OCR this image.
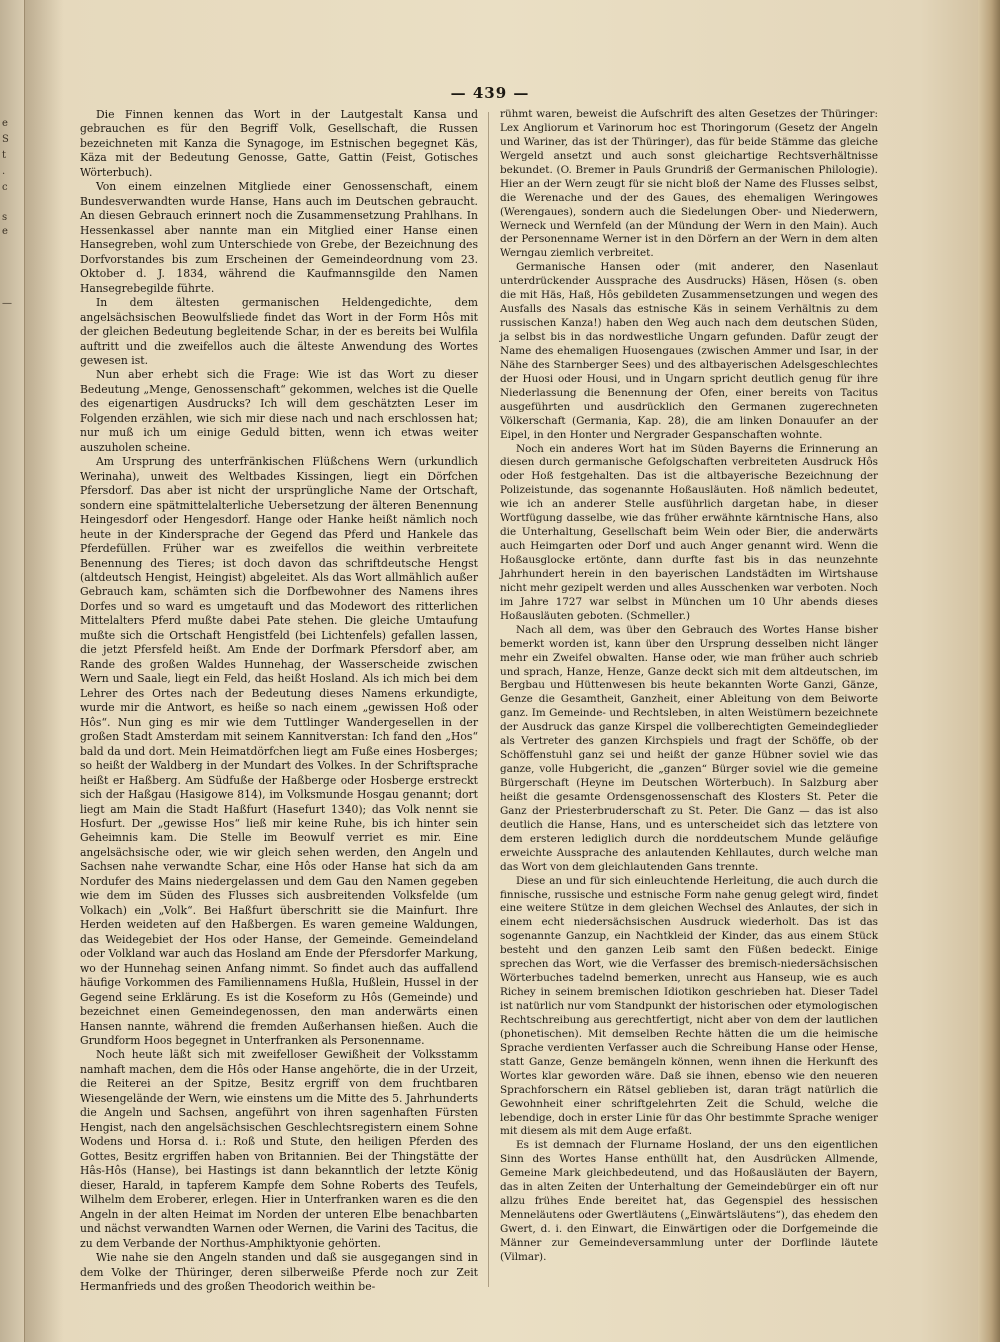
e
S
t
.
c
s
e
—
— 439 —

Die Finnen kennen das Wort in der Lautgestalt Kansa und gebrauchen es für den Begriff Volk, Gesellschaft, die Russen bezeichneten mit Kanza die Synagoge, im Estnischen begegnet Käs, Käza mit der Bedeutung Genosse, Gatte, Gattin (Feist, Gotisches Wörterbuch).

Von einem einzelnen Mitgliede einer Genossenschaft, einem Bundesverwandten wurde Hanse, Hans auch im Deutschen gebraucht. An diesen Gebrauch erinnert noch die Zusammensetzung Prahlhans. In Hessenkassel aber nannte man ein Mitglied einer Hanse einen Hansegreben, wohl zum Unterschiede von Grebe, der Bezeichnung des Dorfvorstandes bis zum Erscheinen der Gemeindeordnung vom 23. Oktober d. J. 1834, während die Kaufmannsgilde den Namen Hansegrebegilde führte.

In dem ältesten germanischen Heldengedichte, dem angelsächsischen Beowulfsliede findet das Wort in der Form Hôs mit der gleichen Bedeutung begleitende Schar, in der es bereits bei Wulfila auftritt und die zweifellos auch die älteste Anwendung des Wortes gewesen ist.

Nun aber erhebt sich die Frage: Wie ist das Wort zu dieser Bedeutung „Menge, Genossenschaft“ gekommen, welches ist die Quelle des eigenartigen Ausdrucks? Ich will dem geschätzten Leser im Folgenden erzählen, wie sich mir diese nach und nach erschlossen hat; nur muß ich um einige Geduld bitten, wenn ich etwas weiter auszuholen scheine.

Am Ursprung des unterfränkischen Flüßchens Wern (urkundlich Werinaha), unweit des Weltbades Kissingen, liegt ein Dörfchen Pfersdorf. Das aber ist nicht der ursprüngliche Name der Ortschaft, sondern eine spätmittelalterliche Uebersetzung der älteren Benennung Heingesdorf oder Hengesdorf. Hange oder Hanke heißt nämlich noch heute in der Kindersprache der Gegend das Pferd und Hankele das Pferdefüllen. Früher war es zweifellos die weithin verbreitete Benennung des Tieres; ist doch davon das schriftdeutsche Hengst (altdeutsch Hengist, Heingist) abgeleitet. Als das Wort allmählich außer Gebrauch kam, schämten sich die Dorfbewohner des Namens ihres Dorfes und so ward es umgetauft und das Modewort des ritterlichen Mittelalters Pferd mußte dabei Pate stehen. Die gleiche Umtaufung mußte sich die Ortschaft Hengistfeld (bei Lichtenfels) gefallen lassen, die jetzt Pfersfeld heißt. Am Ende der Dorfmark Pfersdorf aber, am Rande des großen Waldes Hunnehag, der Wasserscheide zwischen Wern und Saale, liegt ein Feld, das heißt Hosland. Als ich mich bei dem Lehrer des Ortes nach der Bedeutung dieses Namens erkundigte, wurde mir die Antwort, es heiße so nach einem „gewissen Hoß oder Hôs“. Nun ging es mir wie dem Tuttlinger Wandergesellen in der großen Stadt Amsterdam mit seinem Kannitverstan: Ich fand den „Hos“ bald da und dort. Mein Heimatdörfchen liegt am Fuße eines Hosberges; so heißt der Waldberg in der Mundart des Volkes. In der Schriftsprache heißt er Haßberg. Am Südfuße der Haßberge oder Hosberge erstreckt sich der Haßgau (Hasigowe 814), im Volksmunde Hosgau genannt; dort liegt am Main die Stadt Haßfurt (Hasefurt 1340); das Volk nennt sie Hosfurt. Der „gewisse Hos“ ließ mir keine Ruhe, bis ich hinter sein Geheimnis kam. Die Stelle im Beowulf verriet es mir. Eine angelsächsische oder, wie wir gleich sehen werden, den Angeln und Sachsen nahe verwandte Schar, eine Hôs oder Hanse hat sich da am Nordufer des Mains niedergelassen und dem Gau den Namen gegeben wie dem im Süden des Flusses sich ausbreitenden Volksfelde (um Volkach) ein „Volk“. Bei Haßfurt überschritt sie die Mainfurt. Ihre Herden weideten auf den Haßbergen. Es waren gemeine Waldungen, das Weidegebiet der Hos oder Hanse, der Gemeinde. Gemeindeland oder Volkland war auch das Hosland am Ende der Pfersdorfer Markung, wo der Hunnehag seinen Anfang nimmt. So findet auch das auffallend häufige Vorkommen des Familiennamens Hußla, Hußlein, Hussel in der Gegend seine Erklärung. Es ist die Koseform zu Hôs (Gemeinde) und bezeichnet einen Gemeindegenossen, den man anderwärts einen Hansen nannte, während die fremden Außerhansen hießen. Auch die Grundform Hoos begegnet in Unterfranken als Personenname.

Noch heute läßt sich mit zweifelloser Gewißheit der Volksstamm namhaft machen, dem die Hôs oder Hanse angehörte, die in der Urzeit, die Reiterei an der Spitze, Besitz ergriff von dem fruchtbaren Wiesengelände der Wern, wie einstens um die Mitte des 5. Jahrhunderts die Angeln und Sachsen, angeführt von ihren sagenhaften Fürsten Hengist, nach den angelsächsischen Geschlechtsregistern einem Sohne Wodens und Horsa d. i.: Roß und Stute, den heiligen Pferden des Gottes, Besitz ergriffen haben von Britannien. Bei der Thingstätte der Hâs-Hôs (Hanse), bei Hastings ist dann bekanntlich der letzte König dieser, Harald, in tapferem Kampfe dem Sohne Roberts des Teufels, Wilhelm dem Eroberer, erlegen. Hier in Unterfranken waren es die den Angeln in der alten Heimat im Norden der unteren Elbe benachbarten und nächst verwandten Warnen oder Wernen, die Varini des Tacitus, die zu dem Verbande der Northus-Amphiktyonie gehörten.

Wie nahe sie den Angeln standen und daß sie ausgegangen sind in dem Volke der Thüringer, deren silberweiße Pferde noch zur Zeit Hermanfrieds und des großen Theodorich weithin be-

rühmt waren, beweist die Aufschrift des alten Gesetzes der Thüringer: Lex Angliorum et Varinorum hoc est Thoringorum (Gesetz der Angeln und Wariner, das ist der Thüringer), das für beide Stämme das gleiche Wergeld ansetzt und auch sonst gleichartige Rechtsverhältnisse bekundet. (O. Bremer in Pauls Grundriß der Germanischen Philologie). Hier an der Wern zeugt für sie nicht bloß der Name des Flusses selbst, die Werenache und der des Gaues, des ehemaligen Weringowes (Werengaues), sondern auch die Siedelungen Ober- und Niederwern, Werneck und Wernfeld (an der Mündung der Wern in den Main). Auch der Personenname Werner ist in den Dörfern an der Wern in dem alten Werngau ziemlich verbreitet.

Germanische Hansen oder (mit anderer, den Nasenlaut unterdrückender Aussprache des Ausdrucks) Häsen, Hösen (s. oben die mit Häs, Haß, Hôs gebildeten Zusammensetzungen und wegen des Ausfalls des Nasals das estnische Käs in seinem Verhältnis zu dem russischen Kanza!) haben den Weg auch nach dem deutschen Süden, ja selbst bis in das nordwestliche Ungarn gefunden. Dafür zeugt der Name des ehemaligen Huosengaues (zwischen Ammer und Isar, in der Nähe des Starnberger Sees) und des altbayerischen Adelsgeschlechtes der Huosi oder Housi, und in Ungarn spricht deutlich genug für ihre Niederlassung die Benennung der Ofen, einer bereits von Tacitus ausgeführten und ausdrücklich den Germanen zugerechneten Völkerschaft (Germania, Kap. 28), die am linken Donauufer an der Eipel, in den Honter und Nergrader Gespanschaften wohnte.

Noch ein anderes Wort hat im Süden Bayerns die Erinnerung an diesen durch germanische Gefolgschaften verbreiteten Ausdruck Hôs oder Hoß festgehalten. Das ist die altbayerische Bezeichnung der Polizeistunde, das sogenannte Hoßausläuten. Hoß nämlich bedeutet, wie ich an anderer Stelle ausführlich dargetan habe, in dieser Wortfügung dasselbe, wie das früher erwähnte kärntnische Hans, also die Unterhaltung, Gesellschaft beim Wein oder Bier, die anderwärts auch Heimgarten oder Dorf und auch Anger genannt wird. Wenn die Hoßausglocke ertönte, dann durfte fast bis in das neunzehnte Jahrhundert herein in den bayerischen Landstädten im Wirtshause nicht mehr gezipelt werden und alles Ausschenken war verboten. Noch im Jahre 1727 war selbst in München um 10 Uhr abends dieses Hoßausläuten geboten. (Schmeller.)

Nach all dem, was über den Gebrauch des Wortes Hanse bisher bemerkt worden ist, kann über den Ursprung desselben nicht länger mehr ein Zweifel obwalten. Hanse oder, wie man früher auch schrieb und sprach, Hanze, Henze, Ganze deckt sich mit dem altdeutschen, im Bergbau und Hüttenwesen bis heute bekannten Worte Ganzi, Gänze, Genze die Gesamtheit, Ganzheit, einer Ableitung von dem Beiworte ganz. Im Gemeinde- und Rechtsleben, in alten Weistümern bezeichnete der Ausdruck das ganze Kirspel die vollberechtigten Gemeindeglieder als Vertreter des ganzen Kirchspiels und fragt der Schöffe, ob der Schöffenstuhl ganz sei und heißt der ganze Hübner soviel wie das ganze, volle Hubgericht, die „ganzen“ Bürger soviel wie die gemeine Bürgerschaft (Heyne im Deutschen Wörterbuch). In Salzburg aber heißt die gesamte Ordensgenossenschaft des Klosters St. Peter die Ganz der Priesterbruderschaft zu St. Peter. Die Ganz — das ist also deutlich die Hanse, Hans, und es unterscheidet sich das letztere von dem ersteren lediglich durch die norddeutschem Munde geläufige erweichte Aussprache des anlautenden Kehllautes, durch welche man das Wort von dem gleichlautenden Gans trennte.

Diese an und für sich einleuchtende Herleitung, die auch durch die finnische, russische und estnische Form nahe genug gelegt wird, findet eine weitere Stütze in dem gleichen Wechsel des Anlautes, der sich in einem echt niedersächsischen Ausdruck wiederholt. Das ist das sogenannte Ganzup, ein Nachtkleid der Kinder, das aus einem Stück besteht und den ganzen Leib samt den Füßen bedeckt. Einige sprechen das Wort, wie die Verfasser des bremisch-niedersächsischen Wörterbuches tadelnd bemerken, unrecht aus Hanseup, wie es auch Richey in seinem bremischen Idiotikon geschrieben hat. Dieser Tadel ist natürlich nur vom Standpunkt der historischen oder etymologischen Rechtschreibung aus gerechtfertigt, nicht aber von dem der lautlichen (phonetischen). Mit demselben Rechte hätten die um die heimische Sprache verdienten Verfasser auch die Schreibung Hanse oder Hense, statt Ganze, Genze bemängeln können, wenn ihnen die Herkunft des Wortes klar geworden wäre. Daß sie ihnen, ebenso wie den neueren Sprachforschern ein Rätsel geblieben ist, daran trägt natürlich die Gewohnheit einer schriftgelehrten Zeit die Schuld, welche die lebendige, doch in erster Linie für das Ohr bestimmte Sprache weniger mit diesem als mit dem Auge erfaßt.

Es ist demnach der Flurname Hosland, der uns den eigentlichen Sinn des Wortes Hanse enthüllt hat, den Ausdrücken Allmende, Gemeine Mark gleichbedeutend, und das Hoßausläuten der Bayern, das in alten Zeiten der Unterhaltung der Gemeindebürger ein oft nur allzu frühes Ende bereitet hat, das Gegenspiel des hessischen Menneläutens oder Gwertläutens („Einwärtsläutens“), das ehedem den Gwert, d. i. den Einwart, die Einwärtigen oder die Dorfgemeinde die Männer zur Gemeindeversammlung unter der Dorflinde läutete (Vilmar).
